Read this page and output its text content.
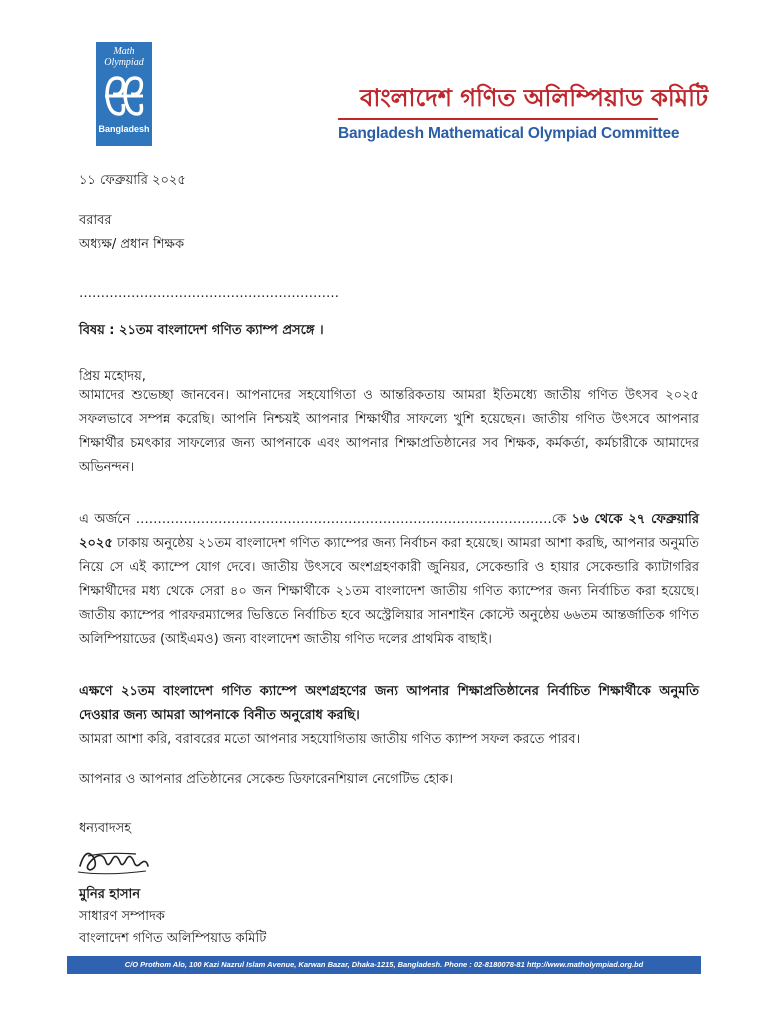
Math
Olympiad
Bangladesh
বাংলাদেশ গণিত অলিম্পিয়াড কমিটি
Bangladesh Mathematical Olympiad Committee
১১ ফেব্রুয়ারি ২০২৫
বরাবর
অধ্যক্ষ/ প্রধান শিক্ষক
……………………………………………………
বিষয় : ২১তম বাংলাদেশ গণিত ক্যাম্প প্রসঙ্গে ।
প্রিয় মহোদয়,
আমাদের শুভেচ্ছা জানবেন। আপনাদের সহযোগিতা ও আন্তরিকতায় আমরা ইতিমধ্যে জাতীয় গণিত উৎসব ২০২৫ সফলভাবে সম্পন্ন করেছি। আপনি নিশ্চয়ই আপনার শিক্ষার্থীর সাফল্যে খুশি হয়েছেন। জাতীয় গণিত উৎসবে আপনার শিক্ষার্থীর চমৎকার সাফল্যের জন্য আপনাকে এবং আপনার শিক্ষাপ্রতিষ্ঠানের সব শিক্ষক, কর্মকর্তা, কর্মচারীকে আমাদের অভিনন্দন।
এ অর্জনে ……………………………………………………………………………………কে ১৬ থেকে ২৭ ফেব্রুয়ারি ২০২৫ ঢাকায় অনুষ্ঠেয় ২১তম বাংলাদেশ গণিত ক্যাম্পের জন্য নির্বাচন করা হয়েছে। আমরা আশা করছি, আপনার অনুমতি নিয়ে সে এই ক্যাম্পে যোগ দেবে। জাতীয় উৎসবে অংশগ্রহণকারী জুনিয়র, সেকেন্ডারি ও হায়ার সেকেন্ডারি ক্যাটাগরির শিক্ষার্থীদের মধ্য থেকে সেরা ৪০ জন শিক্ষার্থীকে ২১তম বাংলাদেশ জাতীয় গণিত ক্যাম্পের জন্য নির্বাচিত করা হয়েছে। জাতীয় ক্যাম্পের পারফরম্যান্সের ভিত্তিতে নির্বাচিত হবে অস্ট্রেলিয়ার সানশাইন কোস্টে অনুষ্ঠেয় ৬৬তম আন্তর্জাতিক গণিত অলিম্পিয়াডের (আইএমও) জন্য বাংলাদেশ জাতীয় গণিত দলের প্রাথমিক বাছাই।
এক্ষণে ২১তম বাংলাদেশ গণিত ক্যাম্পে অংশগ্রহণের জন্য আপনার শিক্ষাপ্রতিষ্ঠানের নির্বাচিত শিক্ষার্থীকে অনুমতি দেওয়ার জন্য আমরা আপনাকে বিনীত অনুরোধ করছি।
আমরা আশা করি, বরাবরের মতো আপনার সহযোগিতায় জাতীয় গণিত ক্যাম্প সফল করতে পারব।
আপনার ও আপনার প্রতিষ্ঠানের সেকেন্ড ডিফারেনশিয়াল নেগেটিভ হোক।
ধন্যবাদসহ
মুনির হাসান
সাধারণ সম্পাদক
বাংলাদেশ গণিত অলিম্পিয়াড কমিটি
C/O Prothom Alo, 100 Kazi Nazrul Islam Avenue, Karwan Bazar, Dhaka-1215, Bangladesh. Phone : 02-8180078-81 http://www.matholympiad.org.bd
